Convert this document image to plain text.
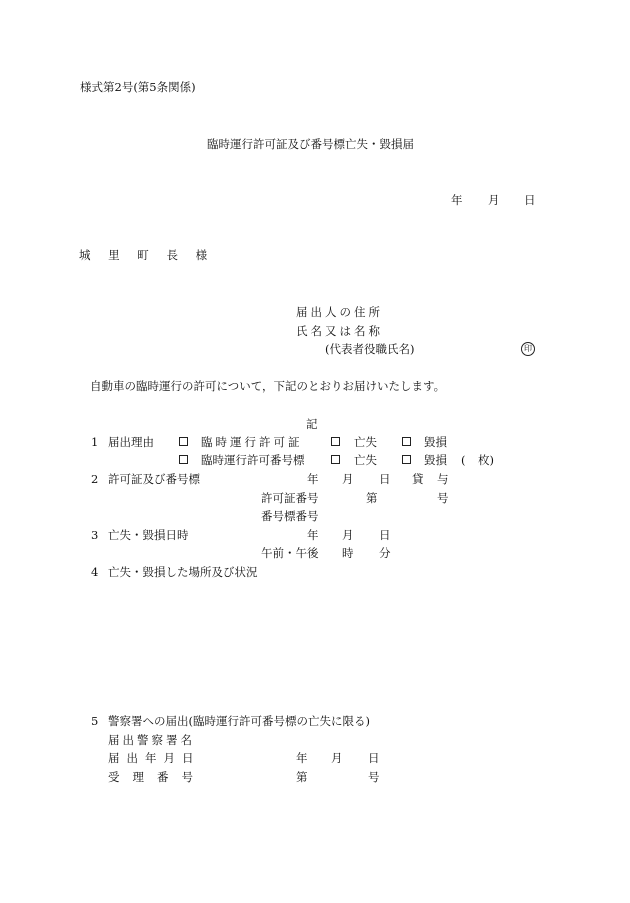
様式第2号(第5条関係)
臨時運行許可証及び番号標亡失・毀損届
年 月 日
城 里 町 長 様
届出人の住所
氏名又は名称
(代表者役職氏名)	印
自動車の臨時運行の許可について，下記のとおりお届けいたします。
記
1 届出理由	臨時運行許可証	亡失	毀損
臨時運行許可番号標	亡失	毀損 ( 枚)
2 許可証及び番号標	年 月 日 貸 与
許可証番号	第	号
番号標番号
3 亡失・毀損日時	年 月 日
午前・午後 時 分
4 亡失・毀損した場所及び状況
5 警察署への届出(臨時運行許可番号標の亡失に限る)
届出警察署名
届出年月日	年 月 日
受理番号	第	号
